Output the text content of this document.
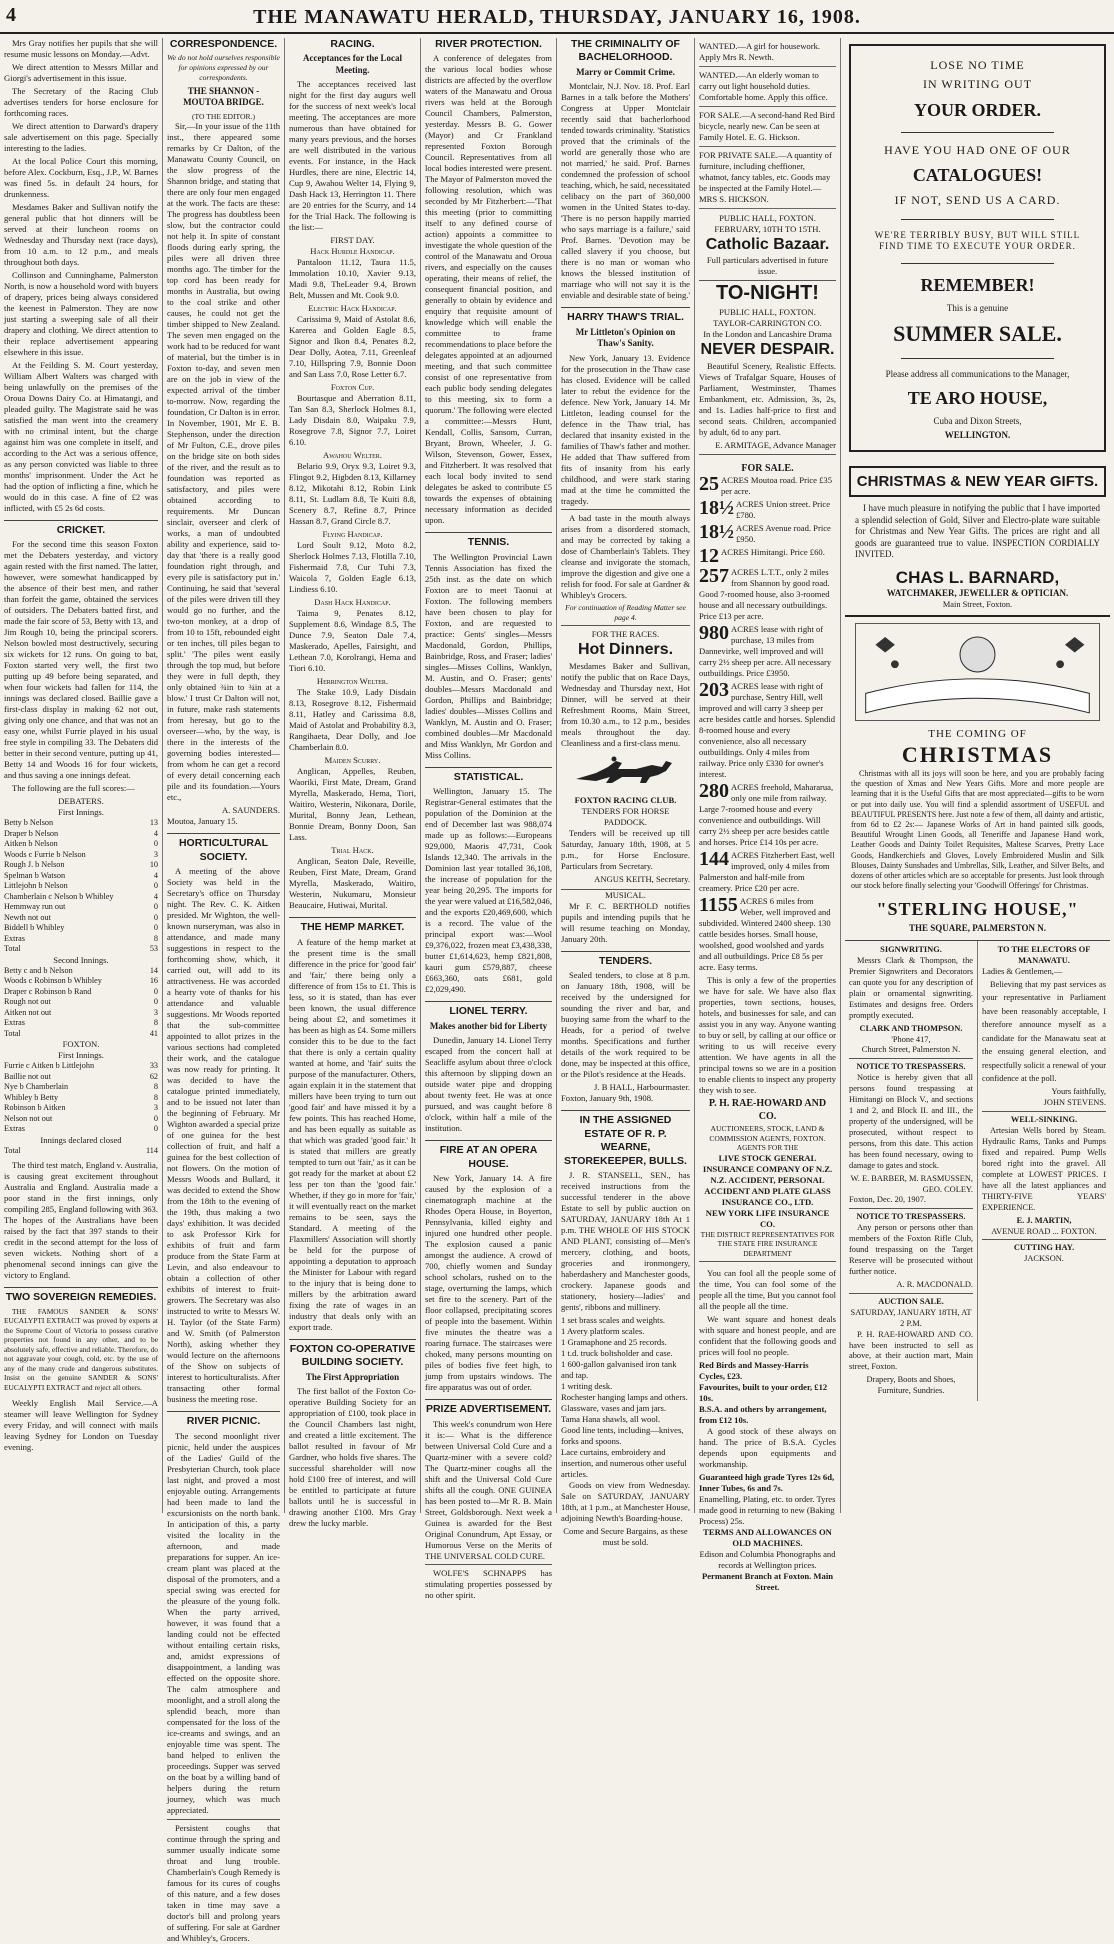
4	THE MANAWATU HERALD, THURSDAY, JANUARY 16, 1908.

Mrs Gray notifies her pupils that she will resume music lessons on Monday.—Advt.

We direct attention to Messrs Millar and Giorgi's advertisement in this issue.

The Secretary of the Racing Club advertises tenders for horse enclosure for forthcoming races.

We direct attention to Darward's drapery sale advertisement on this page. Specially interesting to the ladies.

At the local Police Court this morning, before Alex. Cockburn, Esq., J.P., W. Barnes was fined 5s. in default 24 hours, for drunkenness.

Mesdames Baker and Sullivan notify the general public that hot dinners will be served at their luncheon rooms on Wednesday and Thursday next (race days), from 10 a.m. to 12 p.m., and meals throughout both days.

Collinson and Cunninghame, Palmerston North, is now a household word with buyers of drapery, prices being always considered the keenest in Palmerston. They are now just starting a sweeping sale of all their drapery and clothing. We direct attention to their replace advertisement appearing elsewhere in this issue.

At the Feilding S. M. Court yesterday, William Albert Walters was charged with being unlawfully on the premises of the Oroua Downs Dairy Co. at Himatangi, and pleaded guilty. The Magistrate said he was satisfied the man went into the creamery with no criminal intent, but the charge against him was one complete in itself, and according to the Act was a serious offence, as any person convicted was liable to three months' imprisonment. Under the Act he had the option of inflicting a fine, which he would do in this case. A fine of £2 was inflicted, with £5 2s 6d costs.

CRICKET.

For the second time this season Foxton met the Debaters yesterday, and victory again rested with the first named. The latter, however, were somewhat handicapped by the absence of their best men, and rather than forfeit the game, obtained the services of outsiders. The Debaters batted first, and made the fair score of 53, Betty with 13, and Jim Rough 10, being the principal scorers. Nelson bowled most destructively, securing six wickets for 12 runs. On going to bat, Foxton started very well, the first two putting up 49 before being separated, and when four wickets had fallen for 114, the innings was declared closed. Baillie gave a first-class display in making 62 not out, giving only one chance, and that was not an easy one, whilst Furrie played in his usual free style in compiling 33. The Debaters did better in their second venture, putting up 41, Betty 14 and Woods 16 for four wickets, and thus saving a one innings defeat.

The following are the full scores:—

DEBATERS.
First Innings.
Betty b Nelson	13
Draper b Nelson	4
Aitken b Nelson	0
Woods c Furrie b Nelson	3
Rough J. b Nelson	10
Spelman b Watson	4
Littlejohn b Nelson	0
Chamberlain c Nelson b Whibley	4
Hemmway run out	0
Newth not out	0
Biddell b Whibley	0
Extras	8
Total	53
Second Innings.
Betty c and b Nelson	14
Woods c Robinson b Whibley	16
Draper c Robinson b Rand	0
Rough not out	0
Aitken not out	3
Extras	8
Total	41
FOXTON.
First Innings.
Furrie c Aitken b Littlejohn	33
Baillie not out	62
Nye b Chamberlain	8
Whibley b Betty	8
Robinson b Aitken	3
Nelson not out	0
Extras	0
Innings declared closed
Total	114

The third test match, England v. Australia, is causing great excitement throughout Australia and England. Australia made a poor stand in the first innings, only compiling 285, England following with 363. The hopes of the Australians have been raised by the fact that 397 stands to their credit in the second attempt for the loss of seven wickets. Nothing short of a phenomenal second innings can give the victory to England.

TWO SOVEREIGN REMEDIES.

THE FAMOUS SANDER & SONS' EUCALYPTI EXTRACT was proved by experts at the Supreme Court of Victoria to possess curative properties not found in any other, and to be absolutely safe, effective and reliable. Therefore, do not aggravate your cough, cold, etc. by the use of any of the many crude and dangerous substitutes. Insist on the genuine SANDER & SONS' EUCALYPTI EXTRACT and reject all others.

Weekly English Mail Service.—A steamer will leave Wellington for Sydney every Friday, and will connect with mails leaving Sydney for London on Tuesday evening.

CORRESPONDENCE.
We do not hold ourselves responsible for opinions expressed by our correspondents.
THE SHANNON - MOUTOA BRIDGE.
(TO THE EDITOR.)

Sir,—In your issue of the 11th inst., there appeared some remarks by Cr Dalton, of the Manawatu County Council, on the slow progress of the Shannon bridge, and stating that there are only four men engaged at the work. The facts are these: The progress has doubtless been slow, but the contractor could not help it. In spite of constant floods during early spring, the piles were all driven three months ago. The timber for the top cord has been ready for months in Australia, but owing to the coal strike and other causes, he could not get the timber shipped to New Zealand. The seven men engaged on the work had to be reduced for want of material, but the timber is in Foxton to-day, and seven men are on the job in view of the expected arrival of the timber to-morrow. Now, regarding the foundation, Cr Dalton is in error. In November, 1901, Mr E. B. Stephenson, under the direction of Mr Fulton, C.E., drove piles on the bridge site on both sides of the river, and the result as to foundation was reported as satisfactory, and piles were obtained according to requirements. Mr Duncan sinclair, overseer and clerk of works, a man of undoubted ability and experience, said to-day that 'there is a really good foundation right through, and every pile is satisfactory put in.' Continuing, he said that 'several of the piles were driven till they would go no further, and the two-ton monkey, at a drop of from 10 to 15ft, rebounded eight or ten inches, till piles began to split.' 'The piles went easily through the top mud, but before they were in full depth, they only obtained ¾in to ¾in at a blow.' I trust Cr Dalton will not, in future, make rash statements from heresay, but go to the overseer—who, by the way, is there in the interests of the governing bodies interested—from whom he can get a record of every detail concerning each pile and its foundation.—Yours etc.,

A. SAUNDERS.
Moutoa, January 15.
HORTICULTURAL SOCIETY.

A meeting of the above Society was held in the Secretary's office on Thursday night. The Rev. C. K. Aitken presided. Mr Wighton, the well-known nurseryman, was also in attendance, and made many suggestions in respect to the forthcoming show, which, it carried out, will add to its attractiveness. He was accorded a hearty vote of thanks for his attendance and valuable suggestions. Mr Woods reported that the sub-committee appointed to allot prizes in the various sections had completed their work, and the catalogue was now ready for printing. It was decided to have the catalogue printed immediately, and to be issued not later than the beginning of February. Mr Wighton awarded a special prize of one guinea for the best collection of fruit, and half a guinea for the best collection of not flowers. On the motion of Messrs Woods and Bullard, it was decided to extend the Show from the 18th to the evening of the 19th, thus making a two days' exhibition. It was decided to ask Professor Kirk for exhibits of fruit and farm produce from the State Farm at Levin, and also endeavour to obtain a collection of other exhibits of interest to fruit-growers. The Secretary was also instructed to write to Messrs W. H. Taylor (of the State Farm) and W. Smith (of Palmerston North), asking whether they would lecture on the afternoons of the Show on subjects of interest to horticulturalists. After transacting other formal business the meeting rose.

RIVER PICNIC.

The second moonlight river picnic, held under the auspices of the Ladies' Guild of the Presbyterian Church, took place last night, and proved a most enjoyable outing. Arrangements had been made to land the excursionists on the north bank. In anticipation of this, a party visited the locality in the afternoon, and made preparations for supper. An ice-cream plant was placed at the disposal of the promoters, and a special swing was erected for the pleasure of the young folk. When the party arrived, however, it was found that a landing could not be effected without entailing certain risks, and, amidst expressions of disappointment, a landing was effected on the opposite shore. The calm atmosphere and moonlight, and a stroll along the splendid beach, more than compensated for the loss of the ice-creams and swings, and an enjoyable time was spent. The band helped to enliven the proceedings. Supper was served on the boat by a willing band of helpers during the return journey, which was much appreciated.

Persistent coughs that continue through the spring and summer usually indicate some throat and lung trouble. Chamberlain's Cough Remedy is famous for its cures of coughs of this nature, and a few doses taken in time may save a doctor's bill and prolong years of suffering. For sale at Gardner and Whibley's, Grocers.

RACING.
Acceptances for the Local Meeting.

The acceptances received last night for the first day augurs well for the success of next week's local meeting. The acceptances are more numerous than have obtained for many years previous, and the horses are well distributed in the various events. For instance, in the Hack Hurdles, there are nine, Electric 14, Cup 9, Awahou Welter 14, Flying 9, Dash Hack 13, Herrington 11. There are 20 entries for the Scurry, and 14 for the Trial Hack. The following is the list:—

FIRST DAY.
Hack Hurdle Handicap.

Pantaloon 11.12, Taura 11.5, Immolation 10.10, Xavier 9.13, Madi 9.8, TheLeader 9.4, Brown Belt, Mussen and Mt. Cook 9.0.

Electric Hack Handicap.

Carissima 9, Maid of Astolat 8.6, Karerea and Golden Eagle 8.5, Signor and Ikon 8.4, Penates 8.2, Dear Dolly, Aotea, 7.11, Greenleaf 7.10, Hillspring 7.9, Bonnie Doon and San Lass 7.0, Rose Letter 6.7.

Foxton Cup.

Bourtasque and Aberration 8.11, Tan San 8.3, Sherlock Holmes 8.1, Lady Disdain 8.0, Waipaku 7.9, Rosegrove 7.8, Signor 7.7, Loiret 6.10.

Awahou Welter.

Belario 9.9, Oryx 9.3, Loiret 9.3, Flingot 9.2, Higbden 8.13, Killarney 8.12, Mikotahi 8.12, Robin Link 8.11, St. Ludlam 8.8, Te Kuiti 8.8, Scenery 8.7, Refine 8.7, Prince Hassan 8.7, Grand Circle 8.7.

Flying Handicap.

Lord Soult 9.12, Moto 8.2, Sherlock Holmes 7.13, Flotilla 7.10, Fishermaid 7.8, Cur Tuhi 7.3, Waicola 7, Golden Eagle 6.13, Lindiess 6.10.

Dash Hack Handicap.

Taima 9, Penates 8.12, Supplement 8.6, Windage 8.5, The Dunce 7.9, Seaton Dale 7.4, Maskerado, Apelles, Fairsight, and Lethean 7.0, Korolrangi, Hema and Tiori 6.10.

Herrington Welter.

The Stake 10.9, Lady Disdain 8.13, Rosegrove 8.12, Fishermaid 8.11, Hatley and Carissima 8.8, Maid of Astolat and Probability 8.3, Rangihaeta, Dear Dolly, and Joe Chamberlain 8.0.

Maiden Scurry.

Anglican, Appelles, Reuben, Waoriki, First Mate, Dream, Grand Myrella, Maskerado, Hema, Tiori, Waitiro, Westerin, Nikonara, Dorile, Murital, Bonny Jean, Lethean, Bonnie Dream, Bonny Doon, San Lass.

Trial Hack.

Anglican, Seaton Dale, Reveille, Reuben, First Mate, Dream, Grand Myrella, Maskerado, Waitiro, Westerin, Nukumaru, Monsieur Beaucaire, Hutiwai, Murital.

THE HEMP MARKET.

A feature of the hemp market at the present time is the small difference in the price for 'good fair' and 'fair,' there being only a difference of from 15s to £1. This is less, so it is stated, than has ever been known, the usual difference being about £2, and sometimes it has been as high as £4. Some millers consider this to be due to the fact that there is only a certain quality wanted at home, and 'fair' suits the purpose of the manufacturer. Others, again explain it in the statement that millers have been trying to turn out 'good fair' and have missed it by a few points. This has reached Home, and has been equally as suitable as that which was graded 'good fair.' It is stated that millers are greatly tempted to turn out 'fair,' as it can be got ready for the market at about £2 less per ton than the 'good fair.' Whether, if they go in more for 'fair,' it will eventually react on the market remains to be seen, says the Standard. A meeting of the Flaxmillers' Association will shortly be held for the purpose of appointing a deputation to approach the Minister for Labour with regard to the injury that is being done to millers by the arbitration award fixing the rate of wages in an industry that deals only with an export trade.

FOXTON CO-OPERATIVE BUILDING SOCIETY.
The First Appropriation

The first ballot of the Foxton Co-operative Building Society for an appropriation of £100, took place in the Council Chambers last night, and created a little excitement. The ballot resulted in favour of Mr Gardner, who holds five shares. The successful shareholder will now hold £100 free of interest, and will be entitled to participate at future ballots until he is successful in drawing another £100. Mrs Gray drew the lucky marble.

RIVER PROTECTION.

A conference of delegates from the various local bodies whose districts are affected by the overflow waters of the Manawatu and Oroua rivers was held at the Borough Council Chambers, Palmerston, yesterday. Messrs B. G. Gower (Mayor) and Cr Frankland represented Foxton Borough Council. Representatives from all local bodies interested were present. The Mayor of Palmerston moved the following resolution, which was seconded by Mr Fitzherbert:—'That this meeting (prior to committing itself to any defined course of action) appoints a committee to investigate the whole question of the control of the Manawatu and Oroua rivers, and especially on the causes operating, their means of relief, the consequent financial position, and generally to obtain by evidence and enquiry that requisite amount of knowledge which will enable the committee to frame recommendations to place before the delegates appointed at an adjourned meeting, and that such committee consist of one representative from each public body sending delegates to this meeting, six to form a quorum.' The following were elected a committee:—Messrs Hunt, Kendall, Collis, Sansom, Curran, Bryant, Brown, Wheeler, J. G. Wilson, Stevenson, Gower, Essex, and Fitzherbert. It was resolved that each local body invited to send delegates be asked to contribute £5 towards the expenses of obtaining necessary information as decided upon.

TENNIS.

The Wellington Provincial Lawn Tennis Association has fixed the 25th inst. as the date on which Foxton are to meet Taonui at Foxton. The following members have been chosen to play for Foxton, and are requested to practice: Gents' singles—Messrs Macdonald, Gordon, Phillips, Bainbridge, Ross, and Fraser; ladies' singles—Misses Collins, Wanklyn, M. Austin, and O. Fraser; gents' doubles—Messrs Macdonald and Gordon, Phillips and Bainbridge; ladies' doubles—Misses Collins and Wanklyn, M. Austin and O. Fraser; combined doubles—Mr Macdonald and Miss Wanklyn, Mr Gordon and Miss Collins.

STATISTICAL.

Wellington, January 15. The Registrar-General estimates that the population of the Dominion at the end of December last was 988,074 made up as follows:—Europeans 929,000, Maoris 47,731, Cook Islands 12,340. The arrivals in the Dominion last year totalled 36,108, the increase of population for the year being 20,295. The imports for the year were valued at £16,582,046, and the exports £20,469,600, which is a record. The value of the principal export was:—Wool £9,376,022, frozen meat £3,438,338, butter £1,614,623, hemp £821,808, kauri gum £579,887, cheese £663,360, oats £681, gold £2,029,490.

LIONEL TERRY.
Makes another bid for Liberty

Dunedin, January 14. Lionel Terry escaped from the concert hall at Seacliffe asylum about three o'clock this afternoon by slipping down an outside water pipe and dropping about twenty feet. He was at once pursued, and was caught before 8 o'clock, within half a mile of the institution.

FIRE AT AN OPERA HOUSE.

New York, January 14. A fire caused by the explosion of a cinematograph machine at the Rhodes Opera House, in Boyerton, Pennsylvania, killed eighty and injured one hundred other people. The explosion caused a panic amongst the audience. A crowd of 700, chiefly women and Sunday school scholars, rushed on to the stage, overturning the lamps, which set fire to the scenery. Part of the floor collapsed, precipitating scores of people into the basement. Within five minutes the theatre was a roaring furnace. The staircases were choked, many persons mounting on piles of bodies five feet high, to jump from upstairs windows. The fire apparatus was out of order.

PRIZE ADVERTISEMENT.

This week's conundrum won Here it is:— What is the difference between Universal Cold Cure and a Quartz-miner with a severe cold? The Quartz-miner coughs all the shift and the Universal Cold Cure shifts all the cough. ONE GUINEA has been posted to—Mr R. B. Main Street, Goldsborough. Next week a Guinea is awarded for the Best Original Conundrum, Apt Essay, or Humorous Verse on the Merits of THE UNIVERSAL COLD CURE.

WOLFE'S SCHNAPPS has stimulating properties possessed by no other spirit.

THE CRIMINALITY OF BACHELORHOOD.
Marry or Commit Crime.

Montclair, N.J. Nov. 18. Prof. Earl Barnes in a talk before the Mothers' Congress at Upper Montclair recently said that bacherlorhood tended towards criminality. 'Statistics proved that the criminals of the world are generally those who are not married,' he said. Prof. Barnes condemned the profession of school teaching, which, he said, necessitated celibacy on the part of 360,000 women in the United States to-day. 'There is no person happily married who says marriage is a failure,' said Prof. Barnes. 'Devotion may be called slavery if you choose, but there is no man or woman who knows the blessed institution of marriage who will not say it is the enviable and desirable state of being.'

HARRY THAW'S TRIAL.
Mr Littleton's Opinion on Thaw's Sanity.

New York, January 13. Evidence for the prosecution in the Thaw case has closed. Evidence will be called later to rebut the evidence for the defence. New York, January 14. Mr Littleton, leading counsel for the defence in the Thaw trial, has declared that insanity existed in the families of Thaw's father and mother. He added that Thaw suffered from fits of insanity from his early childhood, and were stark staring mad at the time he committed the tragedy.

A bad taste in the mouth always arises from a disordered stomach, and may be corrected by taking a dose of Chamberlain's Tablets. They cleanse and invigorate the stomach, improve the digestion and give one a relish for food. For sale at Gardner & Whibley's Grocers.

For continuation of Reading Matter see page 4.
FOR THE RACES.
Hot Dinners.

Mesdames Baker and Sullivan, notify the public that on Race Days, Wednesday and Thursday next, Hot Dinner, will be served at their Refreshment Rooms, Main Street, from 10.30 a.m., to 12 p.m., besides meals throughout the day. Cleanliness and a first-class menu.

FOXTON RACING CLUB.
TENDERS FOR HORSE PADDOCK.

Tenders will be received up till Saturday, January 18th, 1908, at 5 p.m., for Horse Enclosure. Particulars from Secretary.

ANGUS KEITH, Secretary.
MUSICAL.

Mr F. C. BERTHOLD notifies pupils and intending pupils that he will resume teaching on Monday, January 20th.

TENDERS.

Sealed tenders, to close at 8 p.m. on January 18th, 1908, will be received by the undersigned for sounding the river and bar, and buoying same from the wharf to the Heads, for a period of twelve months. Specifications and further details of the work required to be done, may be inspected at this office, or the Pilot's residence at the Heads.

J. B HALL, Harbourmaster.
Foxton, January 9th, 1908.
IN THE ASSIGNED ESTATE OF R. P. WEARNE, STOREKEEPER, BULLS.

J. R. STANSELL, SEN., has received instructions from the successful tenderer in the above Estate to sell by public auction on SATURDAY, JANUARY 18th At 1 p.m. THE WHOLE OF HIS STOCK AND PLANT, consisting of—Men's mercery, clothing, and boots, groceries and ironmongery, haberdashery and Manchester goods, crockery. Japanese goods and stationery, hosiery—ladies' and gents', ribbons and millinery.

1 set brass scales and weights.
1 Avery platform scales.
1 Gramaphone and 25 records.
1 t.d. truck boltsholder and case.
1 600-gallon galvanised iron tank and tap.
1 writing desk.
Rochester hanging lamps and others.
Glassware, vases and jam jars.
Tama Hana shawls, all wool.
Good line tents, including—knives, forks and spoons.
Lace curtains, embroidery and insertion, and numerous other useful articles.

Goods on view from Wednesday. Sale on SATURDAY, JANUARY 18th, at 1 p.m., at Manchester House, adjoining Newth's Boarding-house.

Come and Secure Bargains, as these must be sold.

WANTED.—A girl for housework. Apply Mrs R. Newth.

WANTED.—An elderly woman to carry out light household duties. Comfortable home. Apply this office.

FOR SALE.—A second-hand Red Bird bicycle, nearly new. Can be seen at Family Hotel. E. G. Hickson.

FOR PRIVATE SALE.—A quantity of furniture, including cheffioner, whatnot, fancy tables, etc. Goods may be inspected at the Family Hotel.—MRS S. HICKSON.

PUBLIC HALL, FOXTON.
FEBRUARY, 10TH TO 15TH.
Catholic Bazaar.
Full particulars advertised in future issue.
TO-NIGHT!
PUBLIC HALL, FOXTON.
TAYLOR-CARRINGTON CO.
In the London and Lancashire Drama
NEVER DESPAIR.

Beautiful Scenery, Realistic Effects. Views of Trafalgar Square, Houses of Parliament, Westminster, Thames Embankment, etc. Admission, 3s, 2s, and 1s. Ladies half-price to first and second seats. Children, accompanied by adult, 6d to any part.

E. ARMITAGE, Advance Manager
FOR SALE.
25 ACRES Moutoa road. Price £35 per acre.
18½ ACRES Union street. Price £780.
18½ ACRES Avenue road. Price £950.
12 ACRES Himitangi. Price £60.
257 ACRES L.T.T., only 2 miles from Shannon by good road. Good 7-roomed house, also 3-roomed house and all necessary outbuildings. Price £13 per acre.
980 ACRES lease with right of purchase, 13 miles from Dannevirke, well improved and will carry 2½ sheep per acre. All necessary outbuildings. Price £3950.
203 ACRES lease with right of purchase, Sentry Hill, well improved and will carry 3 sheep per acre besides cattle and horses. Splendid 8-roomed house and every convenience, also all necessary outbuildings. Only 4 miles from railway. Price only £330 for owner's interest.
280 ACRES freehold, Mahararua, only one mile from railway. Large 7-roomed house and every convenience and outbuildings. Will carry 2½ sheep per acre besides cattle and horses. Price £14 10s per acre.
144 ACRES Fitzherbert East, well improved, only 4 miles from Palmerston and half-mile from creamery. Price £20 per acre.
1155 ACRES 6 miles from Weber, well improved and subdivided. Wintered 2400 sheep. 130 cattle besides horses. Small house, woolshed, good woolshed and yards and all outbuildings. Price £8 5s per acre. Easy terms.

This is only a few of the properties we have for sale. We have also flax properties, town sections, houses, hotels, and businesses for sale, and can assist you in any way. Anyone wanting to buy or sell, by calling at our office or writing to us will receive every attention. We have agents in all the principal towns so we are in a position to enable clients to inspect any property they wish to see.

P. H. RAE-HOWARD AND CO.
AUCTIONEERS, STOCK, LAND & COMMISSION AGENTS, FOXTON.
AGENTS FOR THE
LIVE STOCK GENERAL INSURANCE COMPANY OF N.Z.
N.Z. ACCIDENT, PERSONAL ACCIDENT AND PLATE GLASS INSURANCE CO., LTD.
NEW YORK LIFE INSURANCE CO.
THE DISTRICT REPRESENTATIVES FOR THE STATE FIRE INSURANCE DEPARTMENT

You can fool all the people some of the time, You can fool some of the people all the time, But you cannot fool all the people all the time.

We want square and honest deals with square and honest people, and are confident that the following goods and prices will fool no people.

Red Birds and Massey-Harris Cycles, £23.
Favourites, built to your order, £12 10s.
B.S.A. and others by arrangement, from £12 10s.

A good stock of these always on hand. The price of B.S.A. Cycles depends upon equipments and workmanship.

Guaranteed high grade Tyres 12s 6d, Inner Tubes, 6s and 7s.
Enamelling, Plating, etc. to order. Tyres made good in returning to new (Baking Process) 25s.
TERMS AND ALLOWANCES ON OLD MACHINES.
Edison and Columbia Phonographs and records at Wellington prices.
Permanent Branch at Foxton. Main Street.
LOSE NO TIME
IN WRITING OUT
YOUR ORDER.
HAVE YOU HAD ONE OF OUR
CATALOGUES!
IF NOT, SEND US A CARD.
WE'RE TERRIBLY BUSY, BUT WILL STILL FIND TIME TO EXECUTE YOUR ORDER.
REMEMBER!
This is a genuine
SUMMER SALE.
Please address all communications to the Manager,
TE ARO HOUSE,
Cuba and Dixon Streets,
WELLINGTON.
CHRISTMAS & NEW YEAR GIFTS.

I have much pleasure in notifying the public that I have imported a splendid selection of Gold, Silver and Electro-plate ware suitable for Christmas and New Year Gifts. The prices are right and all goods are guaranteed true to value. INSPECTION CORDIALLY INVITED.

CHAS L. BARNARD,
WATCHMAKER, JEWELLER & OPTICIAN.
Main Street, Foxton.
THE COMING OF
CHRISTMAS

Christmas with all its joys will soon be here, and you are probably facing the question of Xmas and New Years Gifts. More and more people are learning that it is the Useful Gifts that are most appreciated—gifts to be worn or put into daily use. You will find a splendid assortment of USEFUL and BEAUTIFUL PRESENTS here. Just note a few of them, all dainty and artistic, from 6d to £2 2s:— Japanese Works of Art in hand painted silk goods, Beautiful Wrought Linen Goods, all Teneriffe and Japanese Hand work, Leather Goods and Dainty Toilet Requisites, Maltese Scarves, Pretty Lace Goods, Handkerchiefs and Gloves, Lovely Embroidered Muslin and Silk Blouses, Dainty Sunshades and Umbrellas, Silk, Leather, and Silver Belts, and dozens of other articles which are so acceptable for presents. Just look through our stock before finally selecting your 'Goodwill Offerings' for Christmas.

"STERLING HOUSE,"
THE SQUARE, PALMERSTON N.
SIGNWRITING.

Messrs Clark & Thompson, the Premier Signwriters and Decorators can quote you for any description of plain or ornamental signwriting. Estimates and designs free. Orders promptly executed.

CLARK AND THOMPSON.
'Phone 417,
Church Street, Palmerston N.
NOTICE TO TRESPASSERS.

Notice is hereby given that all persons found trespassing at Himitangi on Block V., and sections 1 and 2, and Block II. and III., the property of the undersigned, will be prosecuted, without respect to persons, from this date. This action has been found necessary, owing to damage to gates and stock.

W. E. BARBER, M. RASMUSSEN, GEO. COLEY.
Foxton, Dec. 20, 1907.
NOTICE TO TRESPASSERS.

Any person or persons other than members of the Foxton Rifle Club, found trespassing on the Target Reserve will be prosecuted without further notice.

A. R. MACDONALD.
AUCTION SALE.
SATURDAY, JANUARY 18TH, AT 2 P.M.

P. H. RAE-HOWARD AND CO. have been instructed to sell as above, at their auction mart, Main street, Foxton.

Drapery, Boots and Shoes, Furniture, Sundries.
TO THE ELECTORS OF MANAWATU.
Ladies & Gentlemen,—

Believing that my past services as your representative in Parliament have been reasonably acceptable, I therefore announce myself as a candidate for the Manawatu seat at the ensuing general election, and respectfully solicit a renewal of your confidence at the poll.

Yours faithfully,
JOHN STEVENS.
WELL-SINKING.

Artesian Wells bored by Steam. Hydraulic Rams, Tanks and Pumps fixed and repaired. Pump Wells bored right into the gravel. All complete at LOWEST PRICES. I have all the latest appliances and THIRTY-FIVE YEARS' EXPERIENCE.

E. J. MARTIN,
AVENUE ROAD ... FOXTON.
CUTTING HAY.
JACKSON.
